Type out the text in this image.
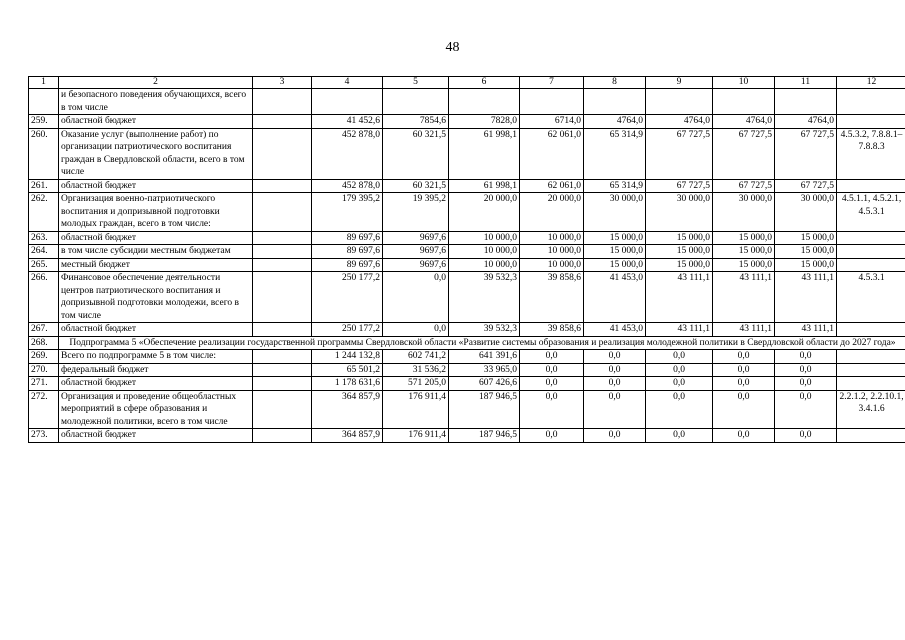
48
1	2	3	4	5	6	7	8	9	10	11	12
	и безопасного поведения обучающихся, всего в том числе										
259.	областной бюджет		41 452,6	7854,6	7828,0	6714,0	4764,0	4764,0	4764,0	4764,0	
260.	Оказание услуг (выполнение работ) по организации патриотического воспитания граждан в Свердловской области, всего в том числе		452 878,0	60 321,5	61 998,1	62 061,0	65 314,9	67 727,5	67 727,5	67 727,5	4.5.3.2, 7.8.8.1–7.8.8.3
261.	областной бюджет		452 878,0	60 321,5	61 998,1	62 061,0	65 314,9	67 727,5	67 727,5	67 727,5	
262.	Организация военно-патриотического воспитания и допризывной подготовки молодых граждан, всего в том числе:		179 395,2	19 395,2	20 000,0	20 000,0	30 000,0	30 000,0	30 000,0	30 000,0	4.5.1.1, 4.5.2.1, 4.5.3.1
263.	областной бюджет		89 697,6	9697,6	10 000,0	10 000,0	15 000,0	15 000,0	15 000,0	15 000,0	
264.	в том числе субсидии местным бюджетам		89 697,6	9697,6	10 000,0	10 000,0	15 000,0	15 000,0	15 000,0	15 000,0	
265.	местный бюджет		89 697,6	9697,6	10 000,0	10 000,0	15 000,0	15 000,0	15 000,0	15 000,0	
266.	Финансовое обеспечение деятельности центров патриотического воспитания и допризывной подготовки молодежи, всего в том числе		250 177,2	0,0	39 532,3	39 858,6	41 453,0	43 111,1	43 111,1	43 111,1	4.5.3.1
267.	областной бюджет		250 177,2	0,0	39 532,3	39 858,6	41 453,0	43 111,1	43 111,1	43 111,1	
268.	Подпрограмма 5 «Обеспечение реализации государственной программы Свердловской области «Развитие системы образования и реализация молодежной политики в Свердловской области до 2027 года»										
269.	Всего по подпрограмме 5 в том числе:		1 244 132,8	602 741,2	641 391,6	0,0	0,0	0,0	0,0	0,0	
270.	федеральный бюджет		65 501,2	31 536,2	33 965,0	0,0	0,0	0,0	0,0	0,0	
271.	областной бюджет		1 178 631,6	571 205,0	607 426,6	0,0	0,0	0,0	0,0	0,0	
272.	Организация и проведение общеобластных мероприятий в сфере образования и молодежной политики, всего в том числе		364 857,9	176 911,4	187 946,5	0,0	0,0	0,0	0,0	0,0	2.2.1.2, 2.2.10.1, 3.4.1.6
273.	областной бюджет		364 857,9	176 911,4	187 946,5	0,0	0,0	0,0	0,0	0,0	
